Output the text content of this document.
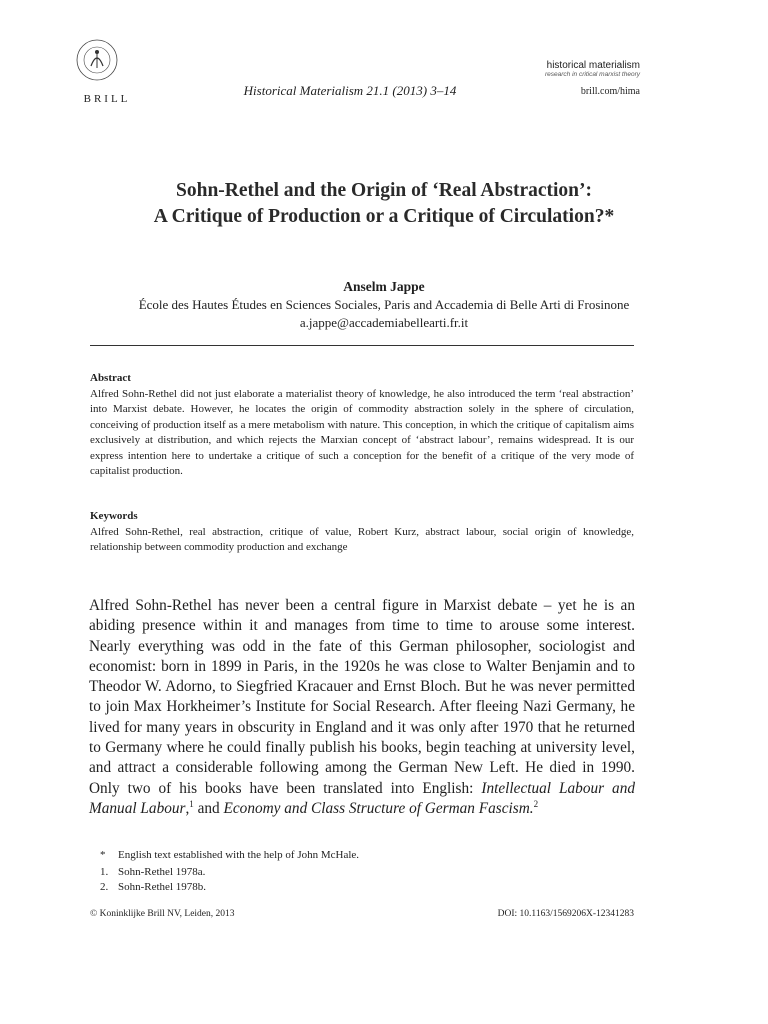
BRILL
Historical Materialism 21.1 (2013) 3–14
historical materialism
research in critical marxist theory
brill.com/hima
Sohn-Rethel and the Origin of ‘Real Abstraction’:
A Critique of Production or a Critique of Circulation?*
Anselm Jappe
École des Hautes Études en Sciences Sociales, Paris and Accademia di Belle Arti di Frosinone
a.jappe@accademiabellearti.fr.it
Abstract
Alfred Sohn-Rethel did not just elaborate a materialist theory of knowledge, he also introduced the term ‘real abstraction’ into Marxist debate. However, he locates the origin of commodity abstraction solely in the sphere of circulation, conceiving of production itself as a mere metabolism with nature. This conception, in which the critique of capitalism aims exclusively at distribution, and which rejects the Marxian concept of ‘abstract labour’, remains widespread. It is our express intention here to undertake a critique of such a conception for the benefit of a critique of the very mode of capitalist production.
Keywords
Alfred Sohn-Rethel, real abstraction, critique of value, Robert Kurz, abstract labour, social origin of knowledge, relationship between commodity production and exchange
Alfred Sohn-Rethel has never been a central figure in Marxist debate – yet he is an abiding presence within it and manages from time to time to arouse some interest. Nearly everything was odd in the fate of this German philosopher, sociologist and economist: born in 1899 in Paris, in the 1920s he was close to Walter Benjamin and to Theodor W. Adorno, to Siegfried Kracauer and Ernst Bloch. But he was never permitted to join Max Horkheimer’s Institute for Social Research. After fleeing Nazi Germany, he lived for many years in obscurity in England and it was only after 1970 that he returned to Germany where he could finally publish his books, begin teaching at university level, and attract a considerable following among the German New Left. He died in 1990. Only two of his books have been translated into English: Intellectual Labour and Manual Labour,$^1$ and Economy and Class Structure of German Fascism.$^2$
* English text established with the help of John McHale.
1. Sohn-Rethel 1978a.
2. Sohn-Rethel 1978b.
© Koninklijke Brill NV, Leiden, 2013	DOI: 10.1163/1569206X-12341283
